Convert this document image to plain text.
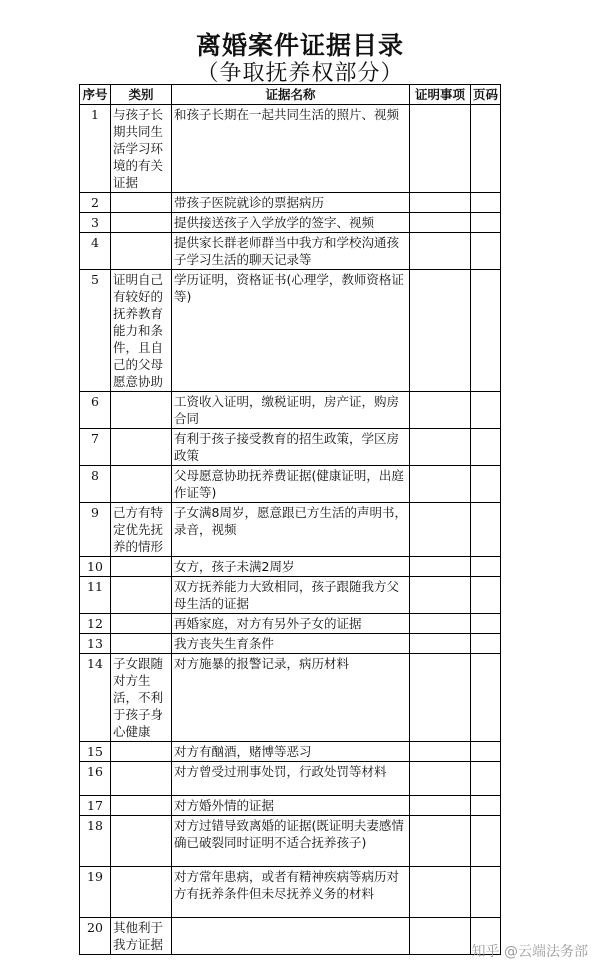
离婚案件证据目录
（争取抚养权部分）
序号	类别	证据名称	证明事项	页码
1	与孩子长期共同生活学习环境的有关证据	和孩子长期在一起共同生活的照片、视频		
2		带孩子医院就诊的票据病历		
3		提供接送孩子入学放学的签字、视频		
4		提供家长群老师群当中我方和学校沟通孩子学习生活的聊天记录等		
5	证明自己有较好的抚养教育能力和条件，且自己的父母愿意协助	学历证明，资格证书(心理学，教师资格证等)		
6		工资收入证明，缴税证明，房产证，购房合同		
7		有利于孩子接受教育的招生政策，学区房政策		
8		父母愿意协助抚养费证据(健康证明，出庭作证等)		
9	己方有特定优先抚养的情形	子女满8周岁，愿意跟已方生活的声明书，录音，视频		
10		女方，孩子未满2周岁		
11		双方抚养能力大致相同，孩子跟随我方父母生活的证据		
12		再婚家庭，对方有另外子女的证据		
13		我方丧失生育条件		
14	子女跟随对方生活，不利于孩子身心健康	对方施暴的报警记录，病历材料		
15		对方有酗酒，赌博等恶习		
16		对方曾受过刑事处罚，行政处罚等材料		
17		对方婚外情的证据		
18		对方过错导致离婚的证据(既证明夫妻感情确已破裂同时证明不适合抚养孩子)		
19		对方常年患病，或者有精神疾病等病历对方有抚养条件但未尽抚养义务的材料		
20	其他利于我方证据				知乎 @云端法务部
